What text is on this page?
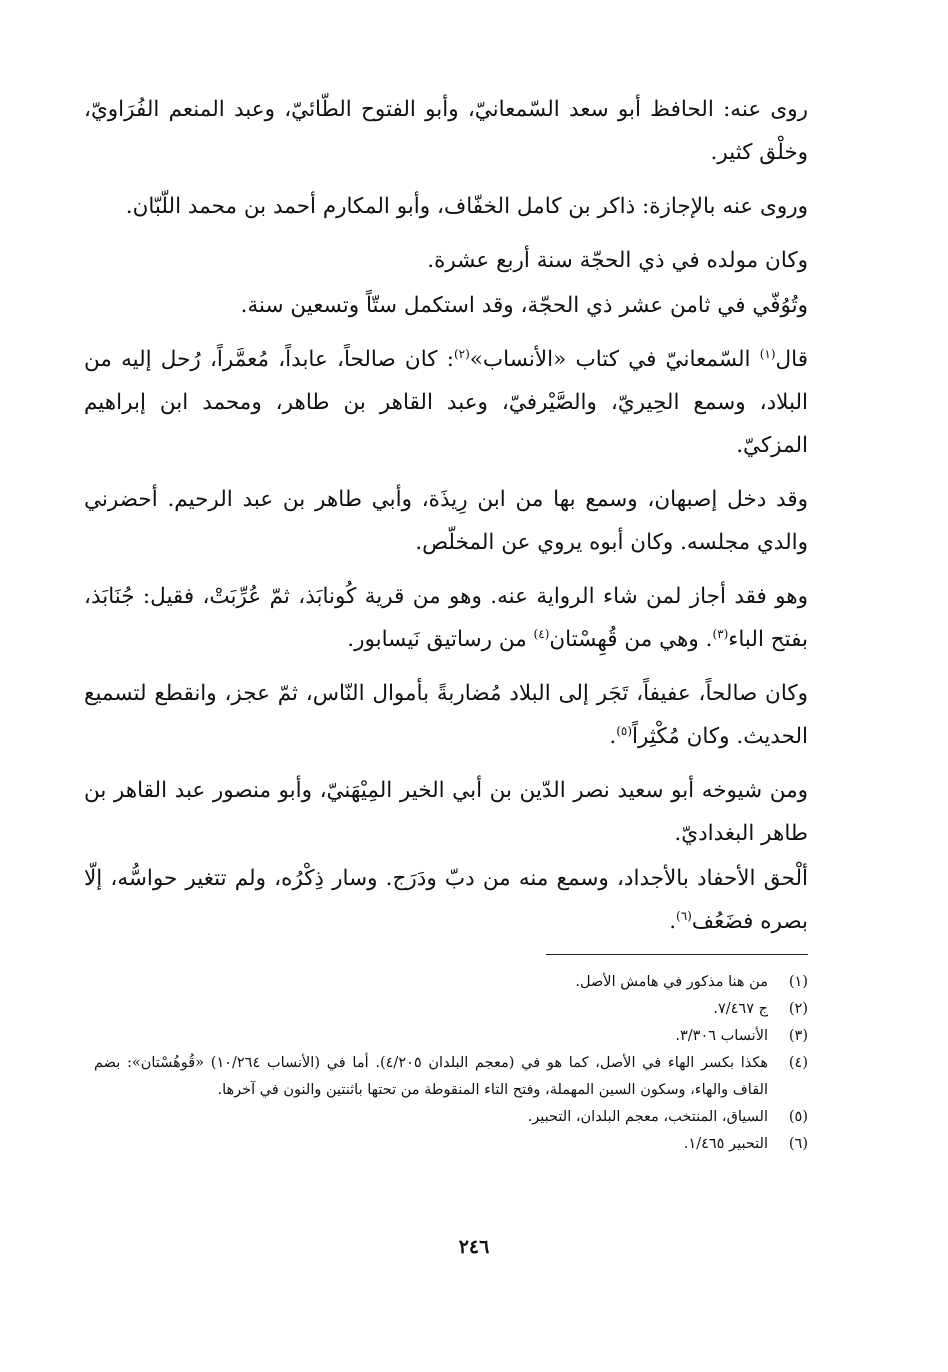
روى عنه: الحافظ أبو سعد السّمعانيّ، وأبو الفتوح الطّائيّ، وعبد المنعم الفُرَاويّ، وخلْق كثير.

وروى عنه بالإجازة: ذاكر بن كامل الخفّاف، وأبو المكارم أحمد بن محمد اللّبّان.

وكان مولده في ذي الحجّة سنة أربع عشرة.

وتُوُفّي في ثامن عشر ذي الحجّة، وقد استكمل ستّاً وتسعين سنة.

قال$^{(١)}$ السّمعانيّ في كتاب «الأنساب»$^{(٢)}$: كان صالحاً، عابداً، مُعمَّراً، رُحل إليه من البلاد، وسمع الحِيريّ، والصَّيْرفيّ، وعبد القاهر بن طاهر، ومحمد ابن إبراهيم المزكيّ.

وقد دخل إصبهان، وسمع بها من ابن رِيذَة، وأبي طاهر بن عبد الرحيم. أحضرني والدي مجلسه. وكان أبوه يروي عن المخلّص.

وهو فقد أجاز لمن شاء الرواية عنه. وهو من قرية كُونابَذ، ثمّ عُرِّبَتْ، فقيل: جُنَابَذ، بفتح الباء$^{(٣)}$. وهي من قُهِسْتان$^{(٤)}$ من رساتيق نَيسابور.

وكان صالحاً، عفيفاً، تَجَر إلى البلاد مُضاربةً بأموال النّاس، ثمّ عجز، وانقطع لتسميع الحديث. وكان مُكْثِراً$^{(٥)}$.

ومن شيوخه أبو سعيد نصر الدّين بن أبي الخير المِيْهَنيّ، وأبو منصور عبد القاهر بن طاهر البغداديّ.

ألْحق الأحفاد بالأجداد، وسمع منه من دبّ ودَرَج. وسار ذِكْرُه، ولم تتغير حواسُّه، إلّا بصره فضَعُف$^{(٦)}$.

(١)
من هنا مذكور في هامش الأصل.
(٢)
ج ٧/٤٦٧.
(٣)
الأنساب ٣/٣٠٦.
(٤)
هكذا بكسر الهاء في الأصل، كما هو في (معجم البلدان ٤/٢٠٥). أما في (الأنساب ١٠/٢٦٤) «قُوهُسْتان»: بضم القاف والهاء، وسكون السين المهملة، وفتح التاء المنقوطة من تحتها باثنتين والنون في آخرها.
(٥)
السياق، المنتخب، معجم البلدان، التحبير.
(٦)
التحبير ١/٤٦٥.
٢٤٦
